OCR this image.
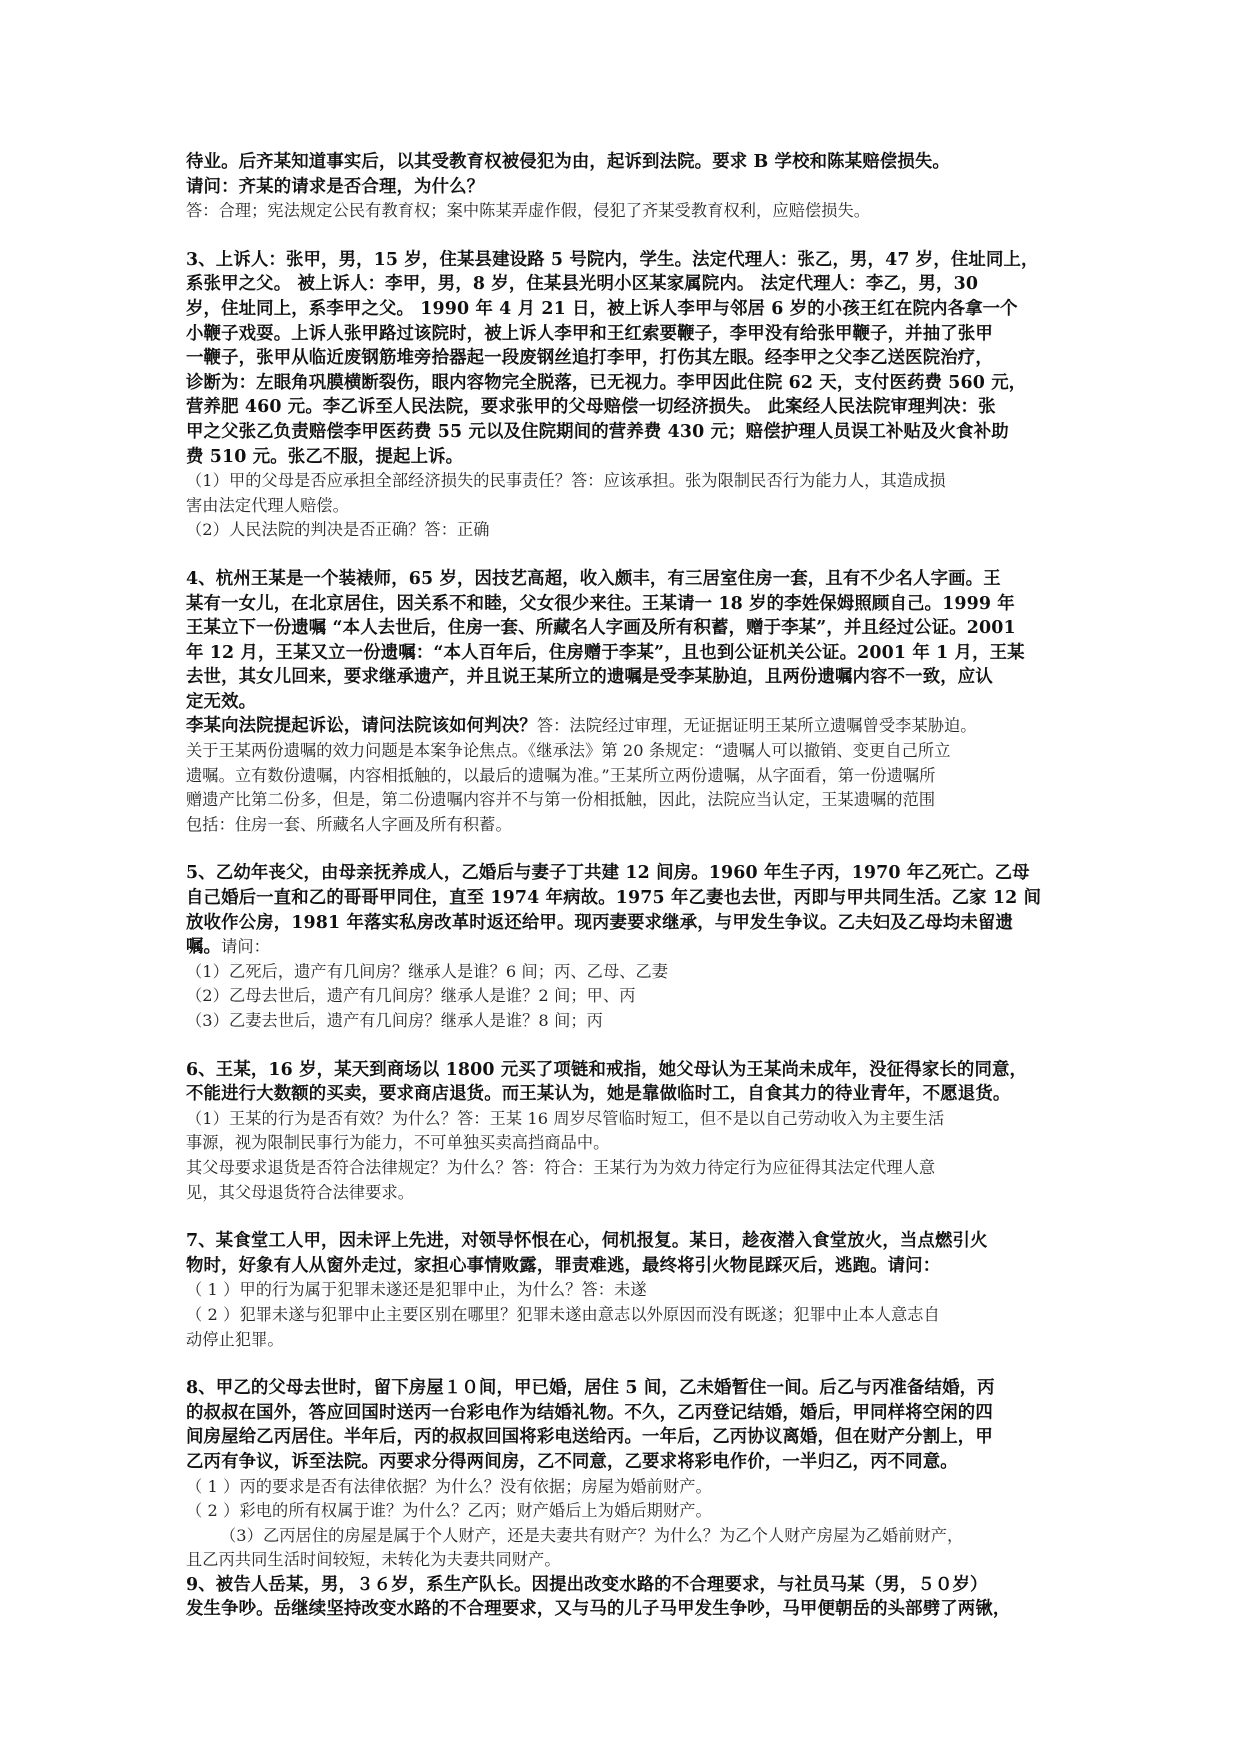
待业。后齐某知道事实后，以其受教育权被侵犯为由，起诉到法院。要求 B 学校和陈某赔偿损失。
请问：齐某的请求是否合理，为什么？
答：合理；宪法规定公民有教育权；案中陈某弄虚作假，侵犯了齐某受教育权利，应赔偿损失。
3、上诉人：张甲，男，15 岁，住某县建设路 5 号院内，学生。法定代理人：张乙，男，47 岁，住址同上，
系张甲之父。 被上诉人：李甲，男，8 岁，住某县光明小区某家属院内。 法定代理人：李乙，男，30
岁，住址同上，系李甲之父。 1990 年 4 月 21 日，被上诉人李甲与邻居 6 岁的小孩王红在院内各拿一个
小鞭子戏耍。上诉人张甲路过该院时，被上诉人李甲和王红索要鞭子，李甲没有给张甲鞭子，并抽了张甲
一鞭子，张甲从临近废钢筋堆旁拾器起一段废钢丝追打李甲，打伤其左眼。经李甲之父李乙送医院治疗，
诊断为：左眼角巩膜横断裂伤，眼内容物完全脱落，已无视力。李甲因此住院 62 天，支付医药费 560 元，
营养肥 460 元。李乙诉至人民法院，要求张甲的父母赔偿一切经济损失。 此案经人民法院审理判决：张
甲之父张乙负责赔偿李甲医药费 55 元以及住院期间的营养费 430 元；赔偿护理人员误工补贴及火食补助
费 510 元。张乙不服，提起上诉。
（1）甲的父母是否应承担全部经济损失的民事责任？答：应该承担。张为限制民否行为能力人，其造成损
害由法定代理人赔偿。
（2）人民法院的判决是否正确？答：正确
4、杭州王某是一个装裱师，65 岁，因技艺高超，收入颇丰，有三居室住房一套，且有不少名人字画。王
某有一女儿，在北京居住，因关系不和睦，父女很少来往。王某请一 18 岁的李姓保姆照顾自己。1999 年
王某立下一份遗嘱 “本人去世后，住房一套、所藏名人字画及所有积蓄，赠于李某”，并且经过公证。2001
年 12 月，王某又立一份遗嘱：“本人百年后，住房赠于李某”，且也到公证机关公证。2001 年 1 月，王某
去世，其女儿回来，要求继承遗产，并且说王某所立的遗嘱是受李某胁迫，且两份遗嘱内容不一致，应认
定无效。
李某向法院提起诉讼，请问法院该如何判决？答：法院经过审理，无证据证明王某所立遗嘱曾受李某胁迫。
关于王某两份遗嘱的效力问题是本案争论焦点。《继承法》第 20 条规定：“遗嘱人可以撤销、变更自己所立
遗嘱。立有数份遗嘱，内容相抵触的，以最后的遗嘱为准。”王某所立两份遗嘱，从字面看，第一份遗嘱所
赠遗产比第二份多，但是，第二份遗嘱内容并不与第一份相抵触，因此，法院应当认定，王某遗嘱的范围
包括：住房一套、所藏名人字画及所有积蓄。
5、乙幼年丧父，由母亲抚养成人，乙婚后与妻子丁共建 12 间房。1960 年生子丙，1970 年乙死亡。乙母
自己婚后一直和乙的哥哥甲同住，直至 1974 年病故。1975 年乙妻也去世，丙即与甲共同生活。乙家 12 间
放收作公房，1981 年落实私房改革时返还给甲。现丙妻要求继承，与甲发生争议。乙夫妇及乙母均未留遗
嘱。请问：
（1）乙死后，遗产有几间房？继承人是谁？6 间；丙、乙母、乙妻
（2）乙母去世后，遗产有几间房？继承人是谁？2 间；甲、丙
（3）乙妻去世后，遗产有几间房？继承人是谁？8 间；丙
6、王某，16 岁，某天到商场以 1800 元买了项链和戒指，她父母认为王某尚未成年，没征得家长的同意，
不能进行大数额的买卖，要求商店退货。而王某认为，她是靠做临时工，自食其力的待业青年，不愿退货。
（1）王某的行为是否有效？为什么？答：王某 16 周岁尽管临时短工，但不是以自己劳动收入为主要生活
事源，视为限制民事行为能力，不可单独买卖高挡商品中。
其父母要求退货是否符合法律规定？为什么？答：符合：王某行为为效力待定行为应征得其法定代理人意
见，其父母退货符合法律要求。
7、某食堂工人甲，因未评上先进，对领导怀恨在心，伺机报复。某日，趁夜潜入食堂放火，当点燃引火
物时，好象有人从窗外走过，家担心事情败露，罪责难逃，最终将引火物昆踩灭后，逃跑。请问：
（ 1 ）甲的行为属于犯罪未遂还是犯罪中止，为什么？答：未遂
（ 2 ）犯罪未遂与犯罪中止主要区别在哪里？犯罪未遂由意志以外原因而没有既遂；犯罪中止本人意志自
动停止犯罪。
8、甲乙的父母去世时，留下房屋１０间，甲已婚，居住 5 间，乙未婚暂住一间。后乙与丙准备结婚，丙
的叔叔在国外，答应回国时送丙一台彩电作为结婚礼物。不久，乙丙登记结婚，婚后，甲同样将空闲的四
间房屋给乙丙居住。半年后，丙的叔叔回国将彩电送给丙。一年后，乙丙协议离婚，但在财产分割上，甲
乙丙有争议，诉至法院。丙要求分得两间房，乙不同意，乙要求将彩电作价，一半归乙，丙不同意。
（ 1 ）丙的要求是否有法律依据？为什么？没有依据；房屋为婚前财产。
（ 2 ）彩电的所有权属于谁？为什么？乙丙；财产婚后上为婚后期财产。
（3）乙丙居住的房屋是属于个人财产，还是夫妻共有财产？为什么？为乙个人财产房屋为乙婚前财产，
且乙丙共同生活时间较短，未转化为夫妻共同财产。
9、被告人岳某，男，３６岁，系生产队长。因提出改变水路的不合理要求，与社员马某（男，５０岁）
发生争吵。岳继续坚持改变水路的不合理要求，又与马的儿子马甲发生争吵，马甲便朝岳的头部劈了两锹，
